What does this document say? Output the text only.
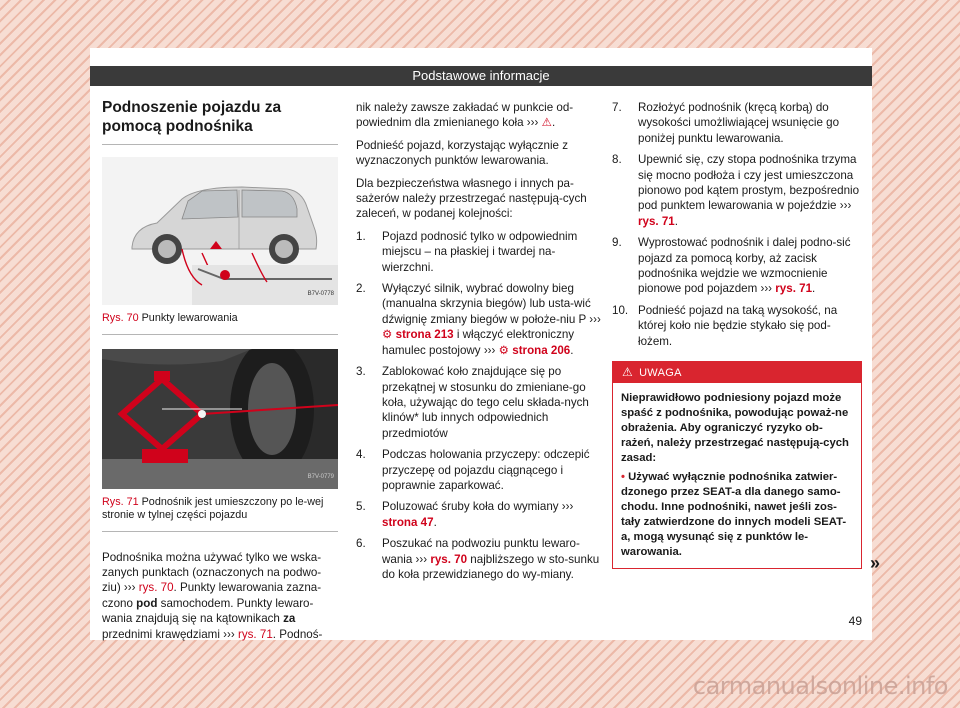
Podstawowe informacje
Podnoszenie pojazdu za pomocą podnośnika
B7V-0778
Rys. 70 Punkty lewarowania
B7V-0779
Rys. 71 Podnośnik jest umieszczony po le-wej stronie w tylnej części pojazdu
Podnośnika można używać tylko we wska-zanych punktach (oznaczonych na podwo-ziu) ››› rys. 70. Punkty lewarowania zazna-czono pod samochodem. Punkty lewaro-wania znajdują się na kątownikach za przednimi krawędziami ››› rys. 71. Podnoś-
nik należy zawsze zakładać w punkcie od-powiednim dla zmienianego koła ››› ⚠.
Podnieść pojazd, korzystając wyłącznie z wyznaczonych punktów lewarowania.
Dla bezpieczeństwa własnego i innych pa-sażerów należy przestrzegać następują-cych zaleceń, w podanej kolejności:
1.	Pojazd podnosić tylko w odpowiednim miejscu – na płaskiej i twardej na-wierzchni.
2.	Wyłączyć silnik, wybrać dowolny bieg (manualna skrzynia biegów) lub usta-wić dźwignię zmiany biegów w położe-niu P ››› ⚙ strona 213 i włączyć elektroniczny hamulec postojowy ››› ⚙ strona 206.
3.	Zablokować koło znajdujące się po przekątnej w stosunku do zmieniane-go koła, używając do tego celu składa-nych klinów* lub innych odpowiednich przedmiotów
4.	Podczas holowania przyczepy: odczepić przyczepę od pojazdu ciągnącego i poprawnie zaparkować.
5.	Poluzować śruby koła do wymiany ››› strona 47.
6.	Poszukać na podwoziu punktu lewaro-wania ››› rys. 70 najbliższego w sto-sunku do koła przewidzianego do wy-miany.
7.	Rozłożyć podnośnik (kręcą korbą) do wysokości umożliwiającej wsunięcie go poniżej punktu lewarowania.
8.	Upewnić się, czy stopa podnośnika trzyma się mocno podłoża i czy jest umieszczona pionowo pod kątem prostym, bezpośrednio pod punktem lewarowania w pojeździe ››› rys. 71.
9.	Wyprostować podnośnik i dalej podno-sić pojazd za pomocą korby, aż zacisk podnośnika wejdzie we wzmocnienie pionowe pod pojazdem ››› rys. 71.
10. Podnieść pojazd na taką wysokość, na której koło nie będzie stykało się pod-łożem.
⚠ UWAGA
Nieprawidłowo podniesiony pojazd może spaść z podnośnika, powodując poważ-ne obrażenia. Aby ograniczyć ryzyko ob-rażeń, należy przestrzegać następują-cych zasad:
• Używać wyłącznie podnośnika zatwier-dzonego przez SEAT-a dla danego samo-chodu. Inne podnośniki, nawet jeśli zos-tały zatwierdzone do innych modeli SEAT-a, mogą wysunąć się z punktów le-warowania.
»
49
carmanualsonline.info
